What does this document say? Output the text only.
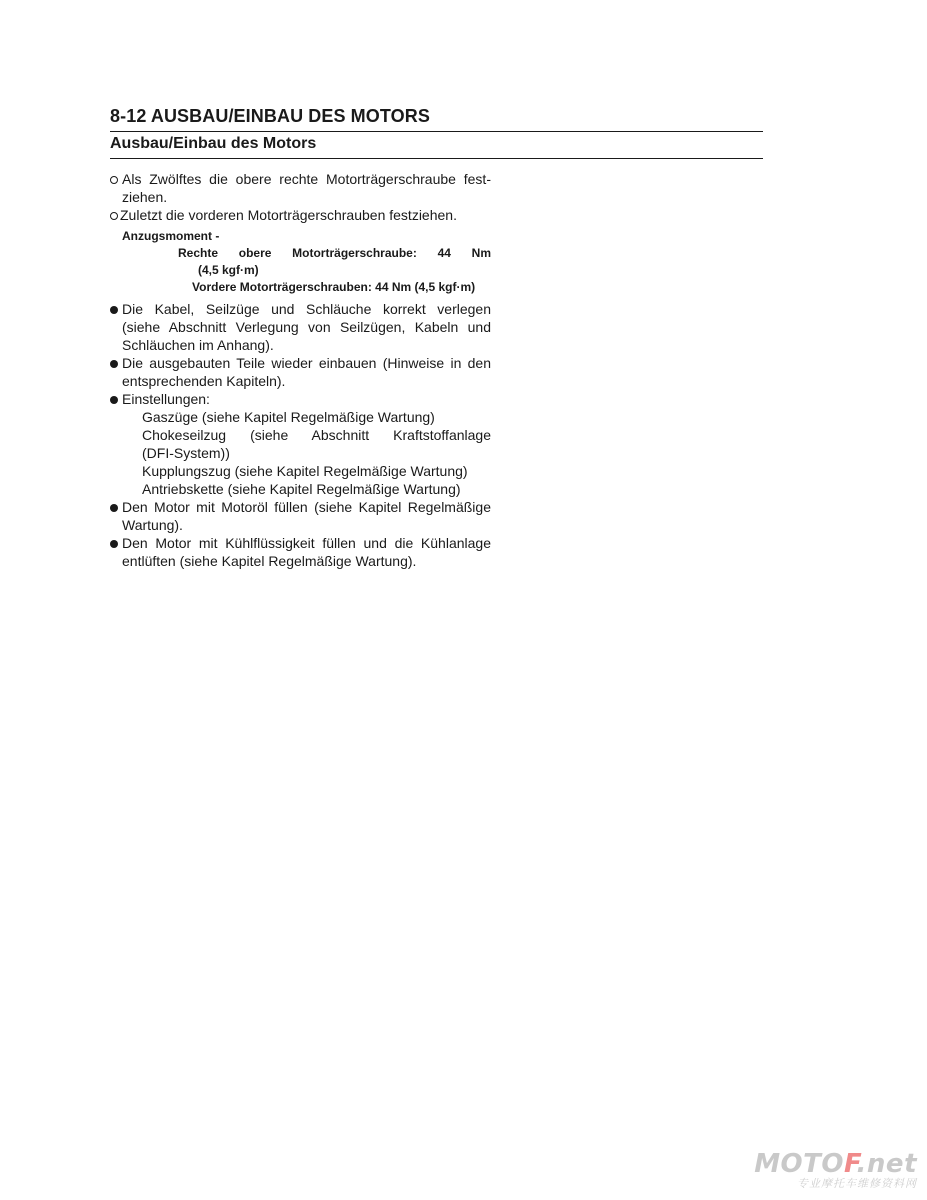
8-12 AUSBAU/EINBAU DES MOTORS
Ausbau/Einbau des Motors
Als Zwölftes die obere rechte Motorträgerschraube fest-
ziehen.
Zuletzt die vorderen Motorträgerschrauben festziehen.
Anzugsmoment -
Rechte obere Motorträgerschraube: 44 Nm
(4,5 kgf·m)
Vordere Motorträgerschrauben: 44 Nm (4,5 kgf·m)
Die Kabel, Seilzüge und Schläuche korrekt verlegen
(siehe Abschnitt Verlegung von Seilzügen, Kabeln und
Schläuchen im Anhang).
Die ausgebauten Teile wieder einbauen (Hinweise in den
entsprechenden Kapiteln).
Einstellungen:
Gaszüge (siehe Kapitel Regelmäßige Wartung)
Chokeseilzug (siehe Abschnitt Kraftstoffanlage
(DFI-System))
Kupplungszug (siehe Kapitel Regelmäßige Wartung)
Antriebskette (siehe Kapitel Regelmäßige Wartung)
Den Motor mit Motoröl füllen (siehe Kapitel Regelmäßige
Wartung).
Den Motor mit Kühlflüssigkeit füllen und die Kühlanlage
entlüften (siehe Kapitel Regelmäßige Wartung).
MOTOF.net
专业摩托车维修资料网
